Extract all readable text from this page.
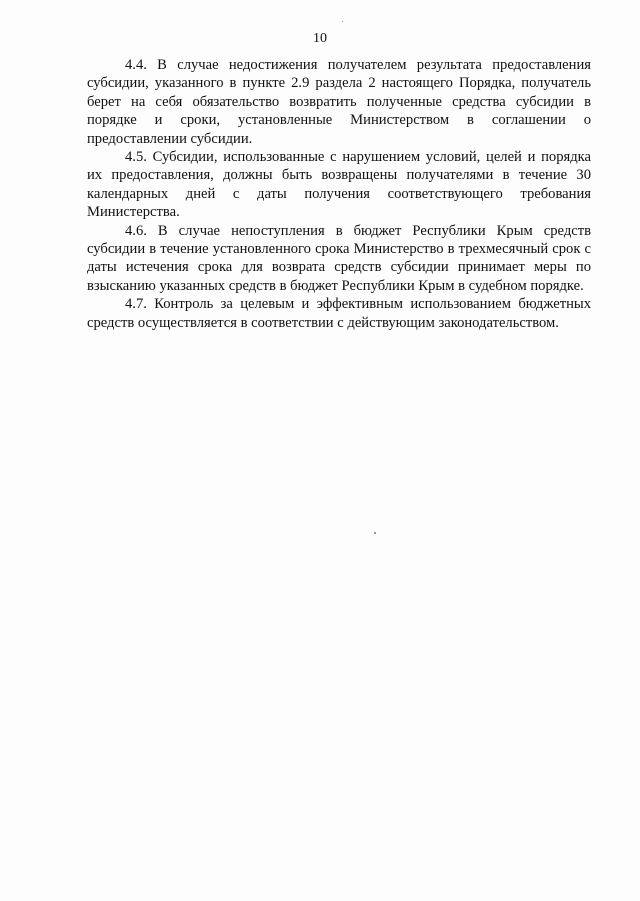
10

4.4. В случае недостижения получателем результата предоставления субсидии, указанного в пункте 2.9 раздела 2 настоящего Порядка, получатель берет на себя обязательство возвратить полученные средства субсидии в порядке и сроки, установленные Министерством в соглашении о предоставлении субсидии.

4.5. Субсидии, использованные с нарушением условий, целей и порядка их предоставления, должны быть возвращены получателями в течение 30 календарных дней с даты получения соответствующего требования Министерства.

4.6. В случае непоступления в бюджет Республики Крым средств субсидии в течение установленного срока Министерство в трехмесячный срок с даты истечения срока для возврата средств субсидии принимает меры по взысканию указанных средств в бюджет Республики Крым в судебном порядке.

4.7. Контроль за целевым и эффективным использованием бюджетных средств осуществляется в соответствии с действующим законодательством.
